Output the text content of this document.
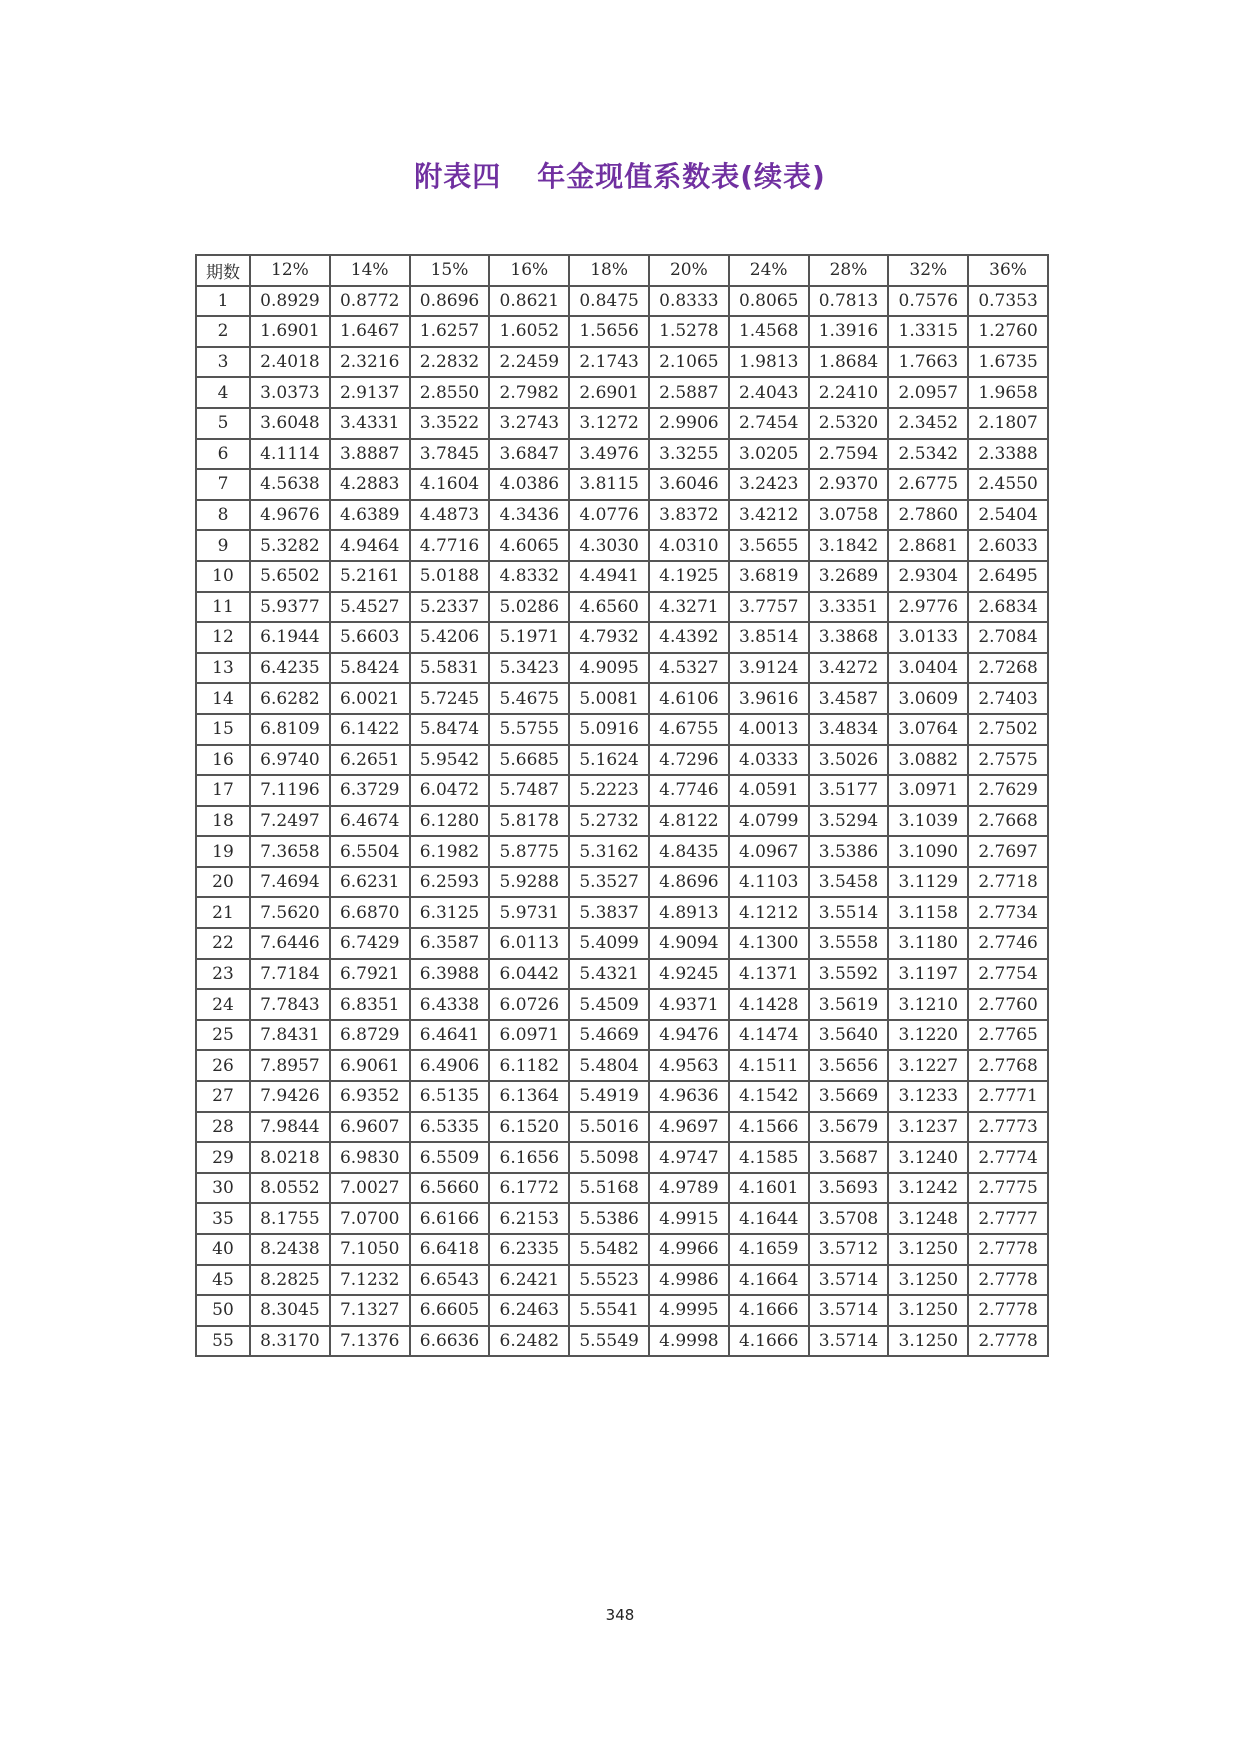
附表四 年金现值系数表(续表)
期数	12%	14%	15%	16%	18%	20%	24%	28%	32%	36%
1	0.8929	0.8772	0.8696	0.8621	0.8475	0.8333	0.8065	0.7813	0.7576	0.7353
2	1.6901	1.6467	1.6257	1.6052	1.5656	1.5278	1.4568	1.3916	1.3315	1.2760
3	2.4018	2.3216	2.2832	2.2459	2.1743	2.1065	1.9813	1.8684	1.7663	1.6735
4	3.0373	2.9137	2.8550	2.7982	2.6901	2.5887	2.4043	2.2410	2.0957	1.9658
5	3.6048	3.4331	3.3522	3.2743	3.1272	2.9906	2.7454	2.5320	2.3452	2.1807
6	4.1114	3.8887	3.7845	3.6847	3.4976	3.3255	3.0205	2.7594	2.5342	2.3388
7	4.5638	4.2883	4.1604	4.0386	3.8115	3.6046	3.2423	2.9370	2.6775	2.4550
8	4.9676	4.6389	4.4873	4.3436	4.0776	3.8372	3.4212	3.0758	2.7860	2.5404
9	5.3282	4.9464	4.7716	4.6065	4.3030	4.0310	3.5655	3.1842	2.8681	2.6033
10	5.6502	5.2161	5.0188	4.8332	4.4941	4.1925	3.6819	3.2689	2.9304	2.6495
11	5.9377	5.4527	5.2337	5.0286	4.6560	4.3271	3.7757	3.3351	2.9776	2.6834
12	6.1944	5.6603	5.4206	5.1971	4.7932	4.4392	3.8514	3.3868	3.0133	2.7084
13	6.4235	5.8424	5.5831	5.3423	4.9095	4.5327	3.9124	3.4272	3.0404	2.7268
14	6.6282	6.0021	5.7245	5.4675	5.0081	4.6106	3.9616	3.4587	3.0609	2.7403
15	6.8109	6.1422	5.8474	5.5755	5.0916	4.6755	4.0013	3.4834	3.0764	2.7502
16	6.9740	6.2651	5.9542	5.6685	5.1624	4.7296	4.0333	3.5026	3.0882	2.7575
17	7.1196	6.3729	6.0472	5.7487	5.2223	4.7746	4.0591	3.5177	3.0971	2.7629
18	7.2497	6.4674	6.1280	5.8178	5.2732	4.8122	4.0799	3.5294	3.1039	2.7668
19	7.3658	6.5504	6.1982	5.8775	5.3162	4.8435	4.0967	3.5386	3.1090	2.7697
20	7.4694	6.6231	6.2593	5.9288	5.3527	4.8696	4.1103	3.5458	3.1129	2.7718
21	7.5620	6.6870	6.3125	5.9731	5.3837	4.8913	4.1212	3.5514	3.1158	2.7734
22	7.6446	6.7429	6.3587	6.0113	5.4099	4.9094	4.1300	3.5558	3.1180	2.7746
23	7.7184	6.7921	6.3988	6.0442	5.4321	4.9245	4.1371	3.5592	3.1197	2.7754
24	7.7843	6.8351	6.4338	6.0726	5.4509	4.9371	4.1428	3.5619	3.1210	2.7760
25	7.8431	6.8729	6.4641	6.0971	5.4669	4.9476	4.1474	3.5640	3.1220	2.7765
26	7.8957	6.9061	6.4906	6.1182	5.4804	4.9563	4.1511	3.5656	3.1227	2.7768
27	7.9426	6.9352	6.5135	6.1364	5.4919	4.9636	4.1542	3.5669	3.1233	2.7771
28	7.9844	6.9607	6.5335	6.1520	5.5016	4.9697	4.1566	3.5679	3.1237	2.7773
29	8.0218	6.9830	6.5509	6.1656	5.5098	4.9747	4.1585	3.5687	3.1240	2.7774
30	8.0552	7.0027	6.5660	6.1772	5.5168	4.9789	4.1601	3.5693	3.1242	2.7775
35	8.1755	7.0700	6.6166	6.2153	5.5386	4.9915	4.1644	3.5708	3.1248	2.7777
40	8.2438	7.1050	6.6418	6.2335	5.5482	4.9966	4.1659	3.5712	3.1250	2.7778
45	8.2825	7.1232	6.6543	6.2421	5.5523	4.9986	4.1664	3.5714	3.1250	2.7778
50	8.3045	7.1327	6.6605	6.2463	5.5541	4.9995	4.1666	3.5714	3.1250	2.7778
55	8.3170	7.1376	6.6636	6.2482	5.5549	4.9998	4.1666	3.5714	3.1250	2.7778
348
